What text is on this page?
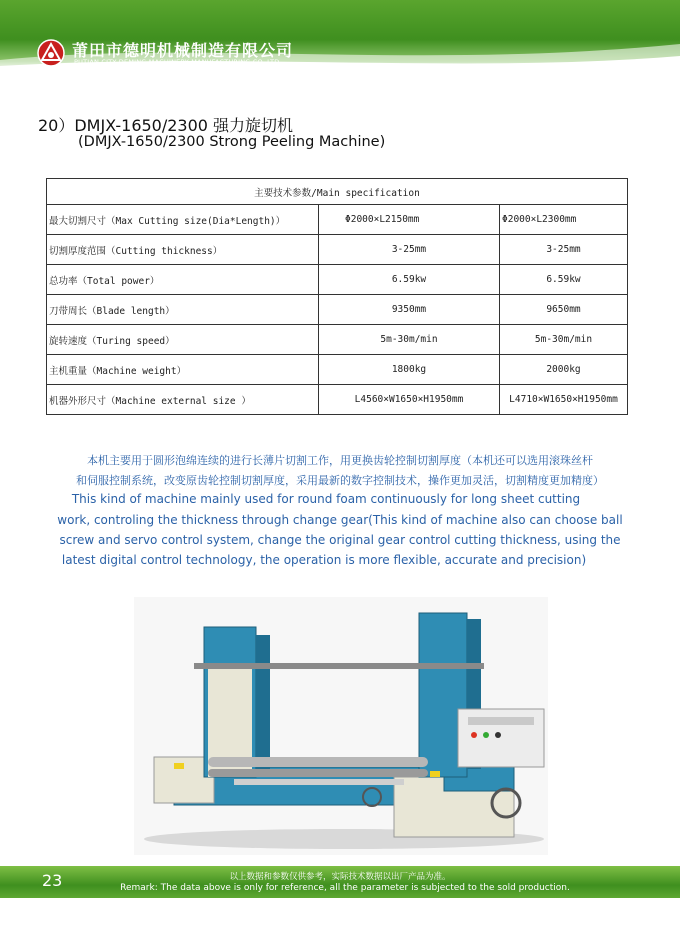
莆田市德明机械制造有限公司
PUTIAN CITY DEMING MACHINERY MANUFACTURING CO.,LTD.
20）DMJX-1650/2300 强力旋切机
(DMJX-1650/2300 Strong Peeling Machine)
主要技术参数/Main specification		
最大切割尺寸（Max Cutting size(Dia*Length)）	Φ2000×L2150mm	Φ2000×L2300mm
切割厚度范围（Cutting thickness）	3-25mm	3-25mm
总功率（Total power）	6.59kw	6.59kw
刀带周长（Blade length）	9350mm	9650mm
旋转速度（Turing speed）	5m-30m/min	5m-30m/min
主机重量（Machine weight）	1800kg	2000kg
机器外形尺寸（Machine external size ）	L4560×W1650×H1950mm	L4710×W1650×H1950mm
本机主要用于圆形泡绵连续的进行长薄片切割工作，用更换齿轮控制切割厚度（本机还可以选用滚珠丝杆
和伺服控制系统，改变原齿轮控制切割厚度，采用最新的数字控制技术，操作更加灵活，切割精度更加精度）
This kind of machine mainly used for round foam continuously for long sheet cutting
work, controling the thickness through change gear(This kind of machine also can choose ball
screw and servo control system, change the original gear control cutting thickness, using the
latest digital control technology, the operation is more flexible, accurate and precision)
23	以上数据和参数仅供参考，实际技术数据以出厂产品为准。
Remark: The data above is only for reference, all the parameter is subjected to the sold production.
